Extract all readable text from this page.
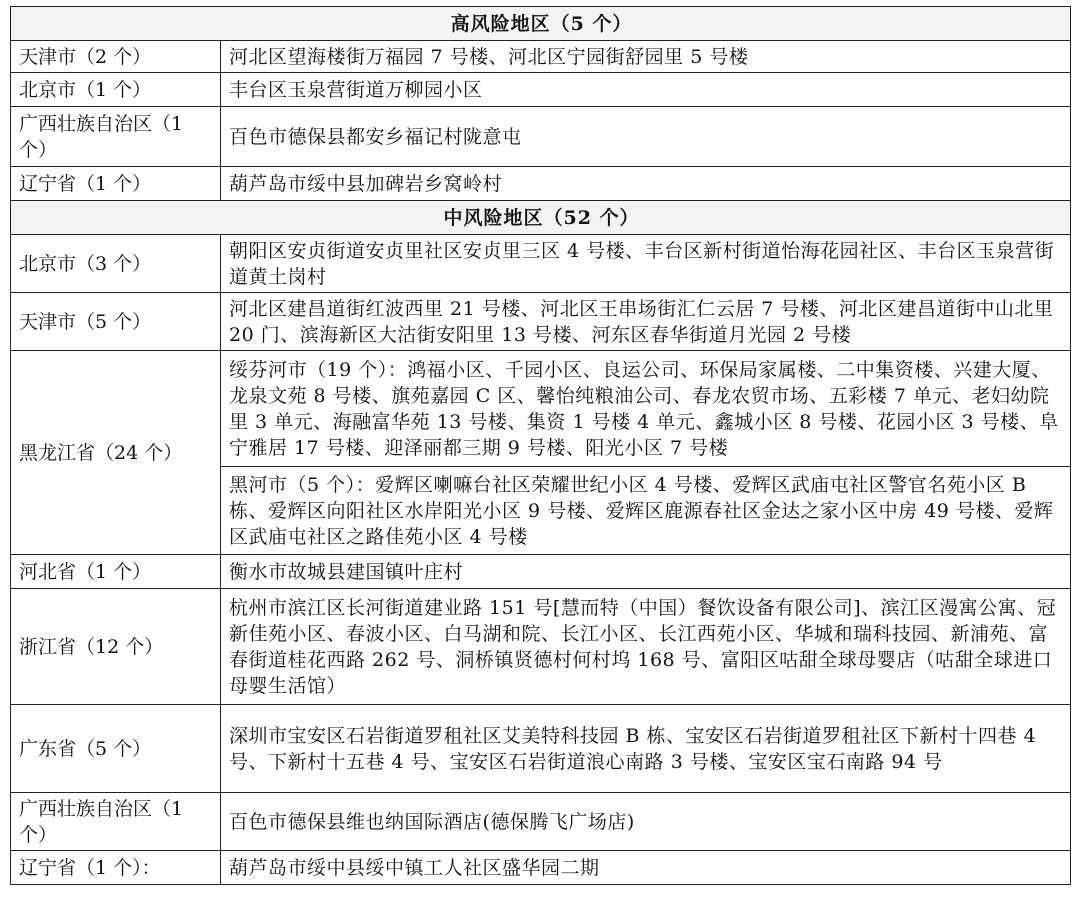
高风险地区（5 个）	
天津市（2 个）	河北区望海楼街万福园 7 号楼、河北区宁园街舒园里 5 号楼
北京市（1 个）	丰台区玉泉营街道万柳园小区
广西壮族自治区（1 个）	百色市德保县都安乡福记村陇意屯
辽宁省（1 个）	葫芦岛市绥中县加碑岩乡窝岭村
中风险地区（52 个）	
北京市（3 个）	朝阳区安贞街道安贞里社区安贞里三区 4 号楼、丰台区新村街道怡海花园社区、丰台区玉泉营街道黄土岗村
天津市（5 个）	河北区建昌道街红波西里 21 号楼、河北区王串场街汇仁云居 7 号楼、河北区建昌道街中山北里 20 门、滨海新区大沽街安阳里 13 号楼、河东区春华街道月光园 2 号楼
黑龙江省（24 个）	绥芬河市（19 个）：鸿福小区、千园小区、良运公司、环保局家属楼、二中集资楼、兴建大厦、龙泉文苑 8 号楼、旗苑嘉园 C 区、馨怡纯粮油公司、春龙农贸市场、五彩楼 7 单元、老妇幼院里 3 单元、海融富华苑 13 号楼、集资 1 号楼 4 单元、鑫城小区 8 号楼、花园小区 3 号楼、阜宁雅居 17 号楼、迎泽丽都三期 9 号楼、阳光小区 7 号楼
	黑河市（5 个）：爱辉区喇嘛台社区荣耀世纪小区 4 号楼、爱辉区武庙屯社区警官名苑小区 B 栋、爱辉区向阳社区水岸阳光小区 9 号楼、爱辉区鹿源春社区金达之家小区中房 49 号楼、爱辉区武庙屯社区之路佳苑小区 4 号楼
河北省（1 个）	衡水市故城县建国镇叶庄村
浙江省（12 个）	杭州市滨江区长河街道建业路 151 号[慧而特（中国）餐饮设备有限公司]、滨江区漫寓公寓、冠新佳苑小区、春波小区、白马湖和院、长江小区、长江西苑小区、华城和瑞科技园、新浦苑、富春街道桂花西路 262 号、洞桥镇贤德村何村坞 168 号、富阳区咕甜全球母婴店（咕甜全球进口母婴生活馆）
广东省（5 个）	深圳市宝安区石岩街道罗租社区艾美特科技园 B 栋、宝安区石岩街道罗租社区下新村十四巷 4 号、下新村十五巷 4 号、宝安区石岩街道浪心南路 3 号楼、宝安区宝石南路 94 号
广西壮族自治区（1 个）	百色市德保县维也纳国际酒店(德保腾飞广场店)
辽宁省（1 个）：	葫芦岛市绥中县绥中镇工人社区盛华园二期
